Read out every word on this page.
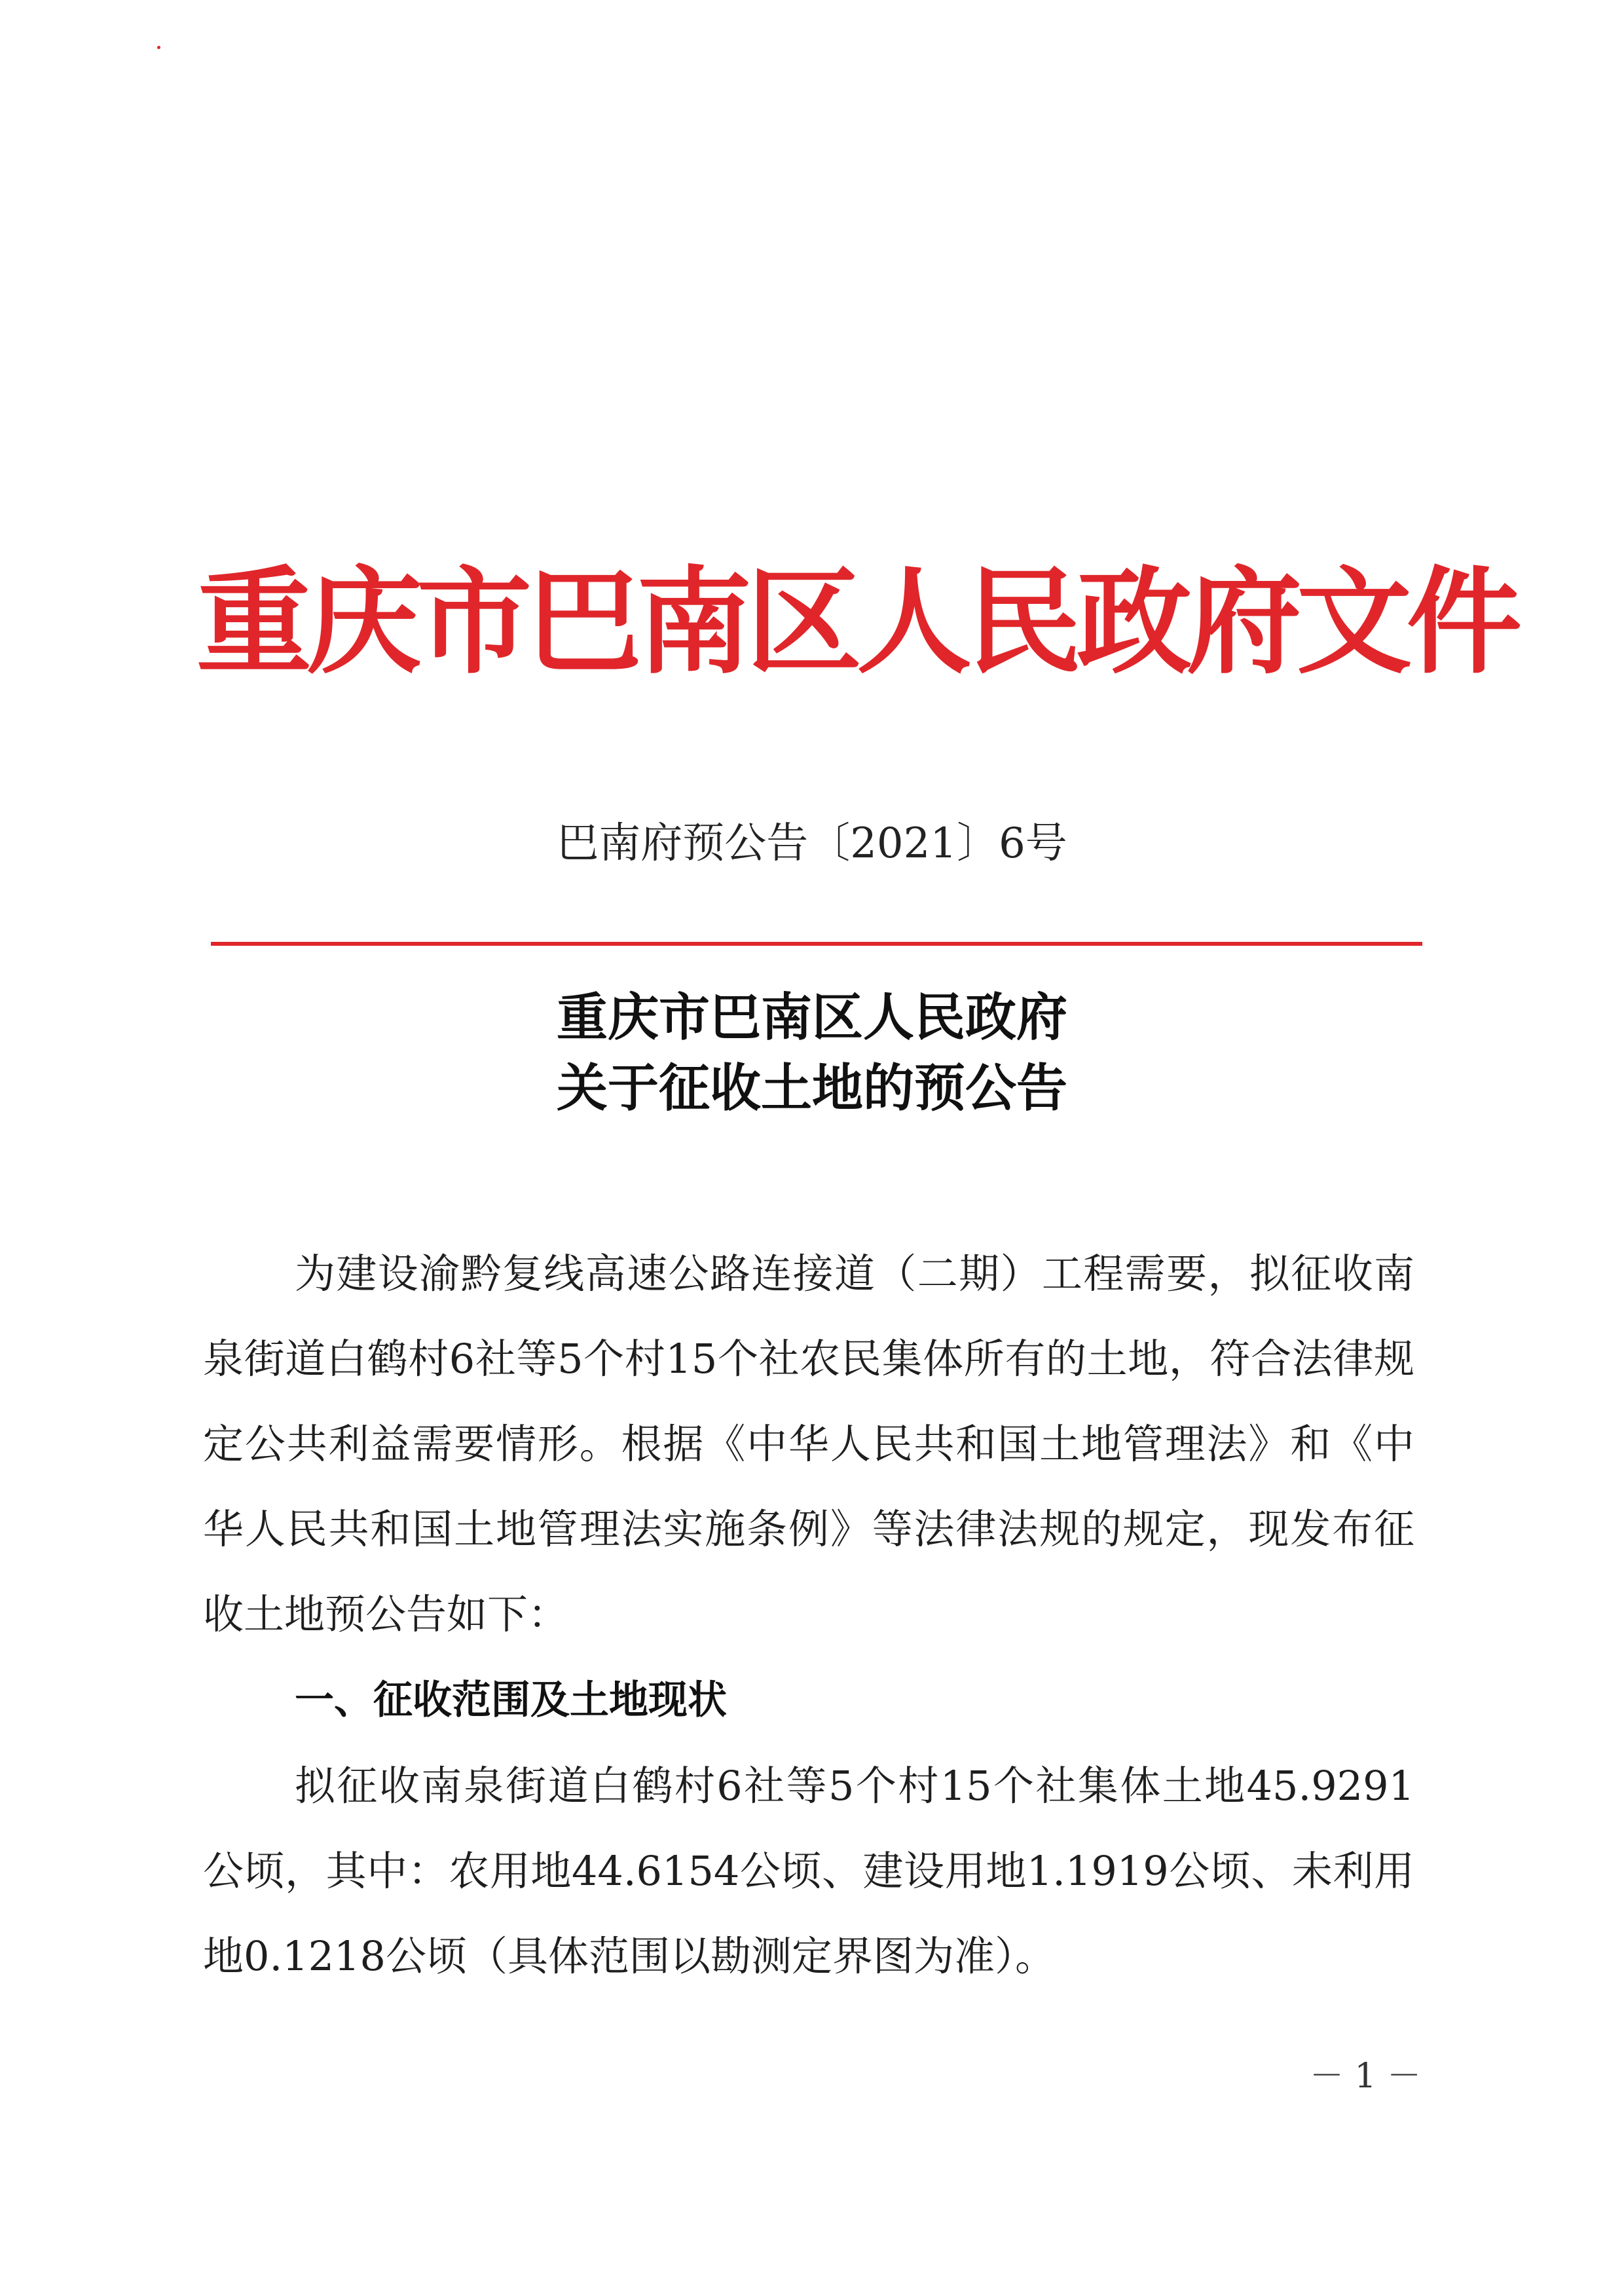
重庆市巴南区人民政府文件
巴南府预公告〔2021〕6号
重庆市巴南区人民政府
关于征收土地的预公告

为建设渝黔复线高速公路连接道（二期）工程需要，拟征收南泉街道白鹤村6社等5个村15个社农民集体所有的土地，符合法律规定公共利益需要情形。根据《中华人民共和国土地管理法》和《中华人民共和国土地管理法实施条例》等法律法规的规定，现发布征收土地预公告如下：

一、征收范围及土地现状

拟征收南泉街道白鹤村6社等5个村15个社集体土地45.9291公顷，其中：农用地44.6154公顷、建设用地1.1919公顷、未利用地0.1218公顷（具体范围以勘测定界图为准）。

－ 1 －
